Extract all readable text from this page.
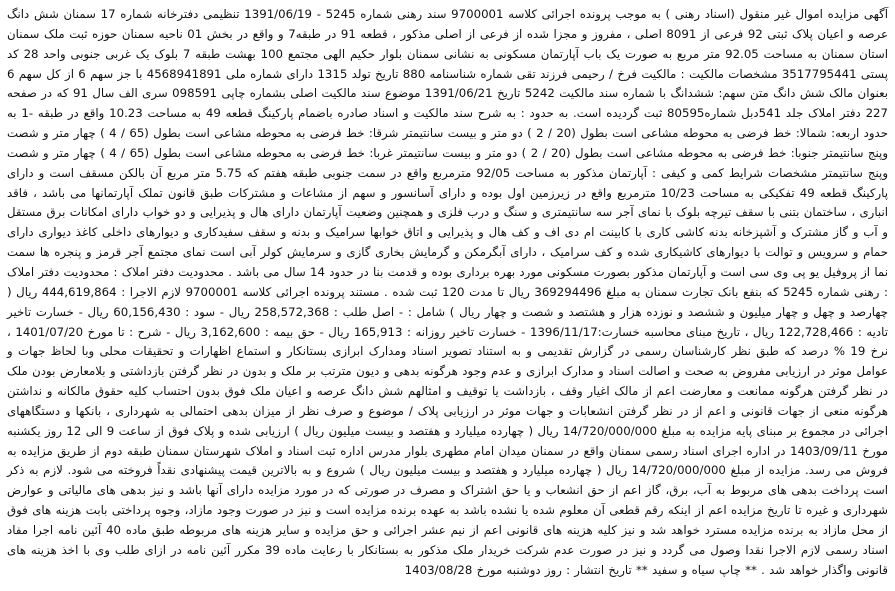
آگهی مزایده اموال غیر منقول (اسناد رهنی ) به موجب پرونده اجرائی کلاسه 9700001 سند رهنی شماره 5245 - 1391/06/19 تنظیمی دفترخانه شماره 17 سمنان شش دانگ عرصه و اعیان پلاک ثبتی 92 فرعی از 8091 اصلی ، مفروز و مجزا شده از فرعی از اصلی مذکور ، قطعه 91 در طبقه7 و واقع در بخش 01 ناحیه سمنان حوزه ثبت ملک سمنان استان سمنان به مساحت 92.05 متر مربع به صورت یک باب آپارتمان مسکونی به نشانی سمنان بلوار حکیم الهی مجتمع 100 بهشت طبقه 7 بلوک یک غربی جنوبی واحد 28 کد پستی 3517795441 مشخصات مالکیت : مالکیت فرخ / رحیمی فرزند تقی شماره شناسنامه 880 تاریخ تولد 1315 دارای شماره ملی 4568941891 با جز سهم 6 از کل سهم 6 بعنوان مالک شش دانگ متن سهم: ششدانگ با شماره سند مالکیت 5242 تاریخ 1391/06/21 موضوع سند مالکیت اصلی بشماره چاپی 098591 سری الف سال 91 که در صفحه 227 دفتر املاک جلد 541دبل شماره80595 ثبت گردیده است. به حدود : به شرح سند مالکیت و اسناد صادره باضمام پارکینگ قطعه 49 به مساحت 10.23 واقع در طبقه -1 به حدود اربعه: شمالا: خط فرضی به محوطه مشاعی است بطول (20 / 2 ) دو متر و بیست سانتیمتر شرقا: خط فرضی به محوطه مشاعی است بطول (65 / 4 ) چهار متر و شصت وپنج سانتیمتر جنوبا: خط فرضی به محوطه مشاعی است بطول (20 / 2 ) دو متر و بیست سانتیمتر غربا: خط فرضی به محوطه مشاعی است بطول (65 / 4 ) چهار متر و شصت وپنج سانتیمتر مشخصات شرایط کمی و کیفی : آپارتمان مذکور به مساحت 92/05 مترمربع واقع در سمت جنوبی طبقه هفتم که 5.75 متر مربع آن بالکن مسقف است و دارای پارکینگ قطعه 49 تفکیکی به مساحت 10/23 مترمربع واقع در زیرزمین اول بوده و دارای آسانسور و سهم از مشاعات و مشترکات طبق قانون تملک آپارتمانها می باشد ، فاقد انباری ، ساختمان بتنی با سقف تیرچه بلوک با نمای آجر سه سانتیمتری و سنگ و درب فلزی و همچنین وضعیت آپارتمان دارای هال و پذیرایی و دو خواب دارای امکانات برق مستقل و آب و گاز مشترک و آشپزخانه بدنه کاشی کاری با کابینت ام دی اف و کف هال و پذیرایی و اتاق خوابها سرامیک و بدنه و سقف سفیدکاری و دیوارهای داخلی کاغذ دیواری دارای حمام و سرویس و توالت با دیوارهای کاشیکاری شده و کف سرامیک ، دارای آبگرمکن و گرمایش بخاری گازی و سرمایش کولر آبی است نمای مجتمع آجر قرمز و پنجره ها سمت نما از پروفیل یو پی وی سی است و آپارتمان مذکور بصورت مسکونی مورد بهره برداری بوده و قدمت بنا در حدود 14 سال می باشد . محدودیت دفتر املاک : محدودیت دفتر املاک : رهنی شماره 5245 که بنفع بانک تجارت سمنان به مبلغ 369294496 ریال تا مدت 120 ثبت شده . مستند پرونده اجرائی کلاسه 9700001 لازم الاجرا : 444,619,864 ریال ( چهارصد و چهل و چهار میلیون و ششصد و نوزده هزار و هشتصد و شصت و چهار ریال ) شامل : - اصل طلب : 258,572,368 ریال - سود : 60,156,430 ریال - خسارت تاخیر تادیه : 122,728,466 ریال ، تاریخ مبنای محاسبه خسارت:1396/11/17 - خسارت تاخیر روزانه : 165,913 ریال - حق بیمه : 3,162,600 ریال - شرح : تا مورخ 1401/07/20 ، نرخ 19 % درصد که طبق نظر کارشناسان رسمی در گزارش تقدیمی و به استناد تصویر اسناد ومدارک ابرازی بستانکار و استماع اظهارات و تحقیقات محلی وبا لحاظ جهات و عوامل موثر در ارزیابی مفروض به صحت و اصالت اسناد و مدارک ابرازی و عدم وجود هرگونه بدهی و دیون مترتب بر ملک و بدون در نظر گرفتن بازداشتی و بلامعارض بودن ملک در نظر گرفتن هرگونه ممانعت و معارضت اعم از مالک اغیار وقف ، بازداشت یا توقیف و امثالهم شش دانگ عرصه و اعیان ملک فوق بدون احتساب کلیه حقوق مالکانه و نداشتن هرگونه منعی از جهات قانونی و اعم از در نظر گرفتن انشعابات و جهات موثر در ارزیابی پلاک / موضوع و صرف نظر از میزان بدهی احتمالی به شهرداری ، بانکها و دستگاههای اجرائی در مجموع بر مبنای پایه مزایده به مبلغ 14/720/000/000 ریال ( چهارده میلیارد و هفتصد و بیست میلیون ریال ) ارزیابی شده و پلاک فوق از ساعت 9 الی 12 روز یکشنبه مورخ 1403/09/11 در اداره اجرای اسناد رسمی سمنان واقع در سمنان میدان امام مطهری بلوار مدرس اداره ثبت اسناد و املاک شهرستان سمنان طبقه دوم از طریق مزایده به فروش می رسد. مزایده از مبلغ 14/720/000/000 ریال ( چهارده میلیارد و هفتصد و بیست میلیون ریال ) شروع و به بالاترین قیمت پیشنهادی نقداً فروخته می شود. لازم به ذکر است پرداخت بدهی های مربوط به آب، برق، گاز اعم از حق انشعاب و یا حق اشتراک و مصرف در صورتی که در مورد مزایده دارای آنها باشد و نیز بدهی های مالیاتی و عوارض شهرداری و غیره تا تاریخ مزایده اعم از اینکه رقم قطعی آن معلوم شده یا نشده باشد به عهده برنده مزایده است و نیز در صورت وجود مازاد، وجوه پرداختی بابت هزینه های فوق از محل مازاد به برنده مزایده مسترد خواهد شد و نیز کلیه هزینه های قانونی اعم از نیم عشر اجرائی و حق مزایده و سایر هزینه های مربوطه طبق ماده 40 آئین نامه اجرا مفاد اسناد رسمی لازم الاجرا نقدا وصول می گردد و نیز در صورت عدم شرکت خریدار ملک مذکور به بستانکار با رعایت ماده 39 مکرر آئین نامه در ازای طلب وی با اخذ هزینه های قانونی واگذار خواهد شد . ** چاپ سیاه و سفید ** تاریخ انتشار : روز دوشنبه مورخ 1403/08/28
